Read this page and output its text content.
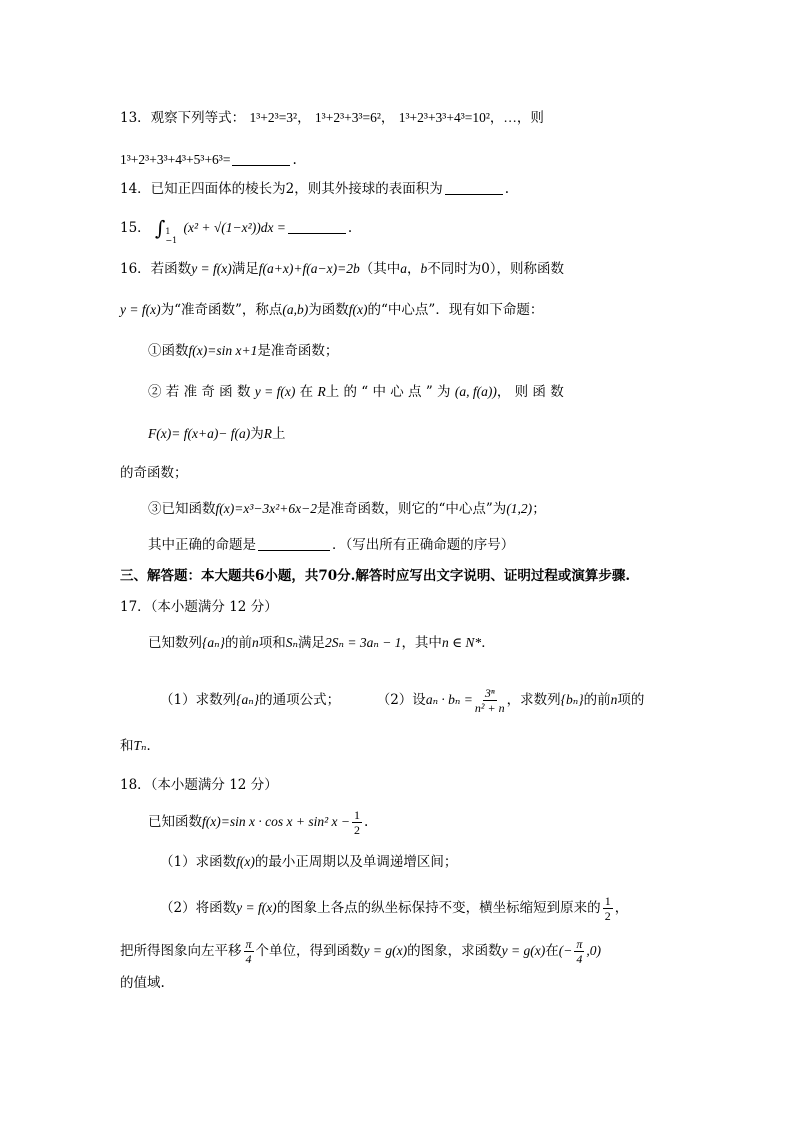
13．观察下列等式： 1³+2³=3²， 1³+2³+3³=6²， 1³+2³+3³+4³=10²，…，则
1³+2³+3³+4³+5³+6³=	.
14．已知正四面体的棱长为2，则其外接球的表面积为	.
15． ∫ 1
−1
(x² + √(1−x²))dx =	.
16．若函数y = f(x)满足f(a+x)+f(a−x)=2b（其中a，b不同时为0），则称函数
y = f(x)为“准奇函数”，称点(a,b)为函数f(x)的“中心点”．现有如下命题：
①函数f(x)=sin x+1是准奇函数；
② 若 准 奇 函 数 y = f(x) 在 R上 的 “ 中 心 点 ” 为 (a, f(a))， 则 函 数
F(x)= f(x+a)− f(a)为R上
的奇函数；
③已知函数f(x)=x³−3x²+6x−2是准奇函数，则它的“中心点”为(1,2)；
其中正确的命题是	．（写出所有正确命题的序号）
三、解答题：本大题共6小题，共70分.解答时应写出文字说明、证明过程或演算步骤.
17．（本小题满分 12 分）
已知数列{aₙ}的前n项和Sₙ满足2Sₙ = 3aₙ − 1，其中n ∈ N*．
（1）求数列{aₙ}的通项公式；	（2）设$a_n \cdot b_n = \frac{\text{3ⁿ}}{\text{n² + n}}$ ，求数列{bₙ}的前n项的
和Tₙ．
18．（本小题满分 12 分）
已知函数f(x)=sin x · cos x + sin² $x - \frac{1}{2}$ .
（1）求函数f(x)的最小正周期以及单调递增区间；
（2）将函数y = f(x)的图象上各点的纵坐标保持不变，横坐标缩短到原来的 $\frac{1}{2}$ ，
把所得图象向左平移 $\frac{\pi}{4}$ 个单位，得到函数y = g(x)的图象，求函数y = g(x)在(− $\frac{\pi}{4} ,0$)
的值域.
